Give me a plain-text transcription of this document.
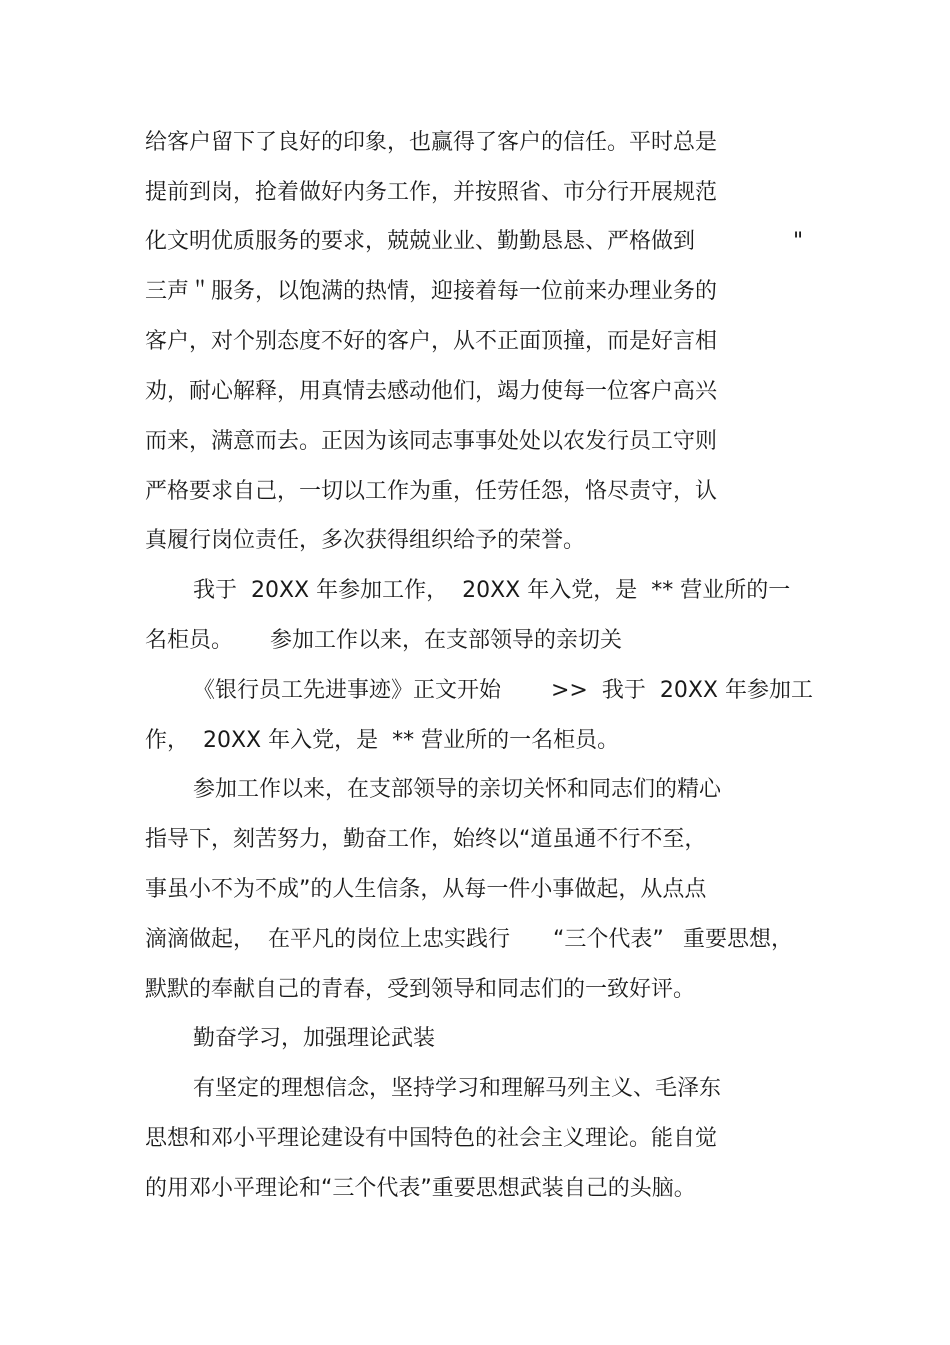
给客户留下了良好的印象，也赢得了客户的信任。平时总是

提前到岗，抢着做好内务工作，并按照省、市分行开展规范

化文明优质服务的要求，兢兢业业、勤勤恳恳、严格做到

	"

三声＂服务，以饱满的热情，迎接着每一位前来办理业务的

客户，对个别态度不好的客户，从不正面顶撞，而是好言相

劝，耐心解释，用真情去感动他们，竭力使每一位客户高兴

而来，满意而去。正因为该同志事事处处以农发行员工守则

严格要求自己，一切以工作为重，任劳任怨，恪尽责守，认

真履行岗位责任，多次获得组织给予的荣誉。

我于  20XX 年参加工作，  20XX 年入党，是  ** 营业所的一

名柜员。

参加工作以来，在支部领导的亲切关

《银行员工先进事迹》正文开始

>>  我于  20XX 年参加工

作，  20XX 年入党，是  ** 营业所的一名柜员。

参加工作以来，在支部领导的亲切关怀和同志们的精心

指导下，刻苦努力，勤奋工作，始终以“道虽通不行不至，

事虽小不为不成”的人生信条，从每一件小事做起，从点点

滴滴做起，

在平凡的岗位上忠实践行

“三个代表”

重要思想，

默默的奉献自己的青春，受到领导和同志们的一致好评。

勤奋学习，加强理论武装

有坚定的理想信念，坚持学习和理解马列主义、毛泽东

思想和邓小平理论建设有中国特色的社会主义理论。能自觉

的用邓小平理论和“三个代表”重要思想武装自己的头脑。
